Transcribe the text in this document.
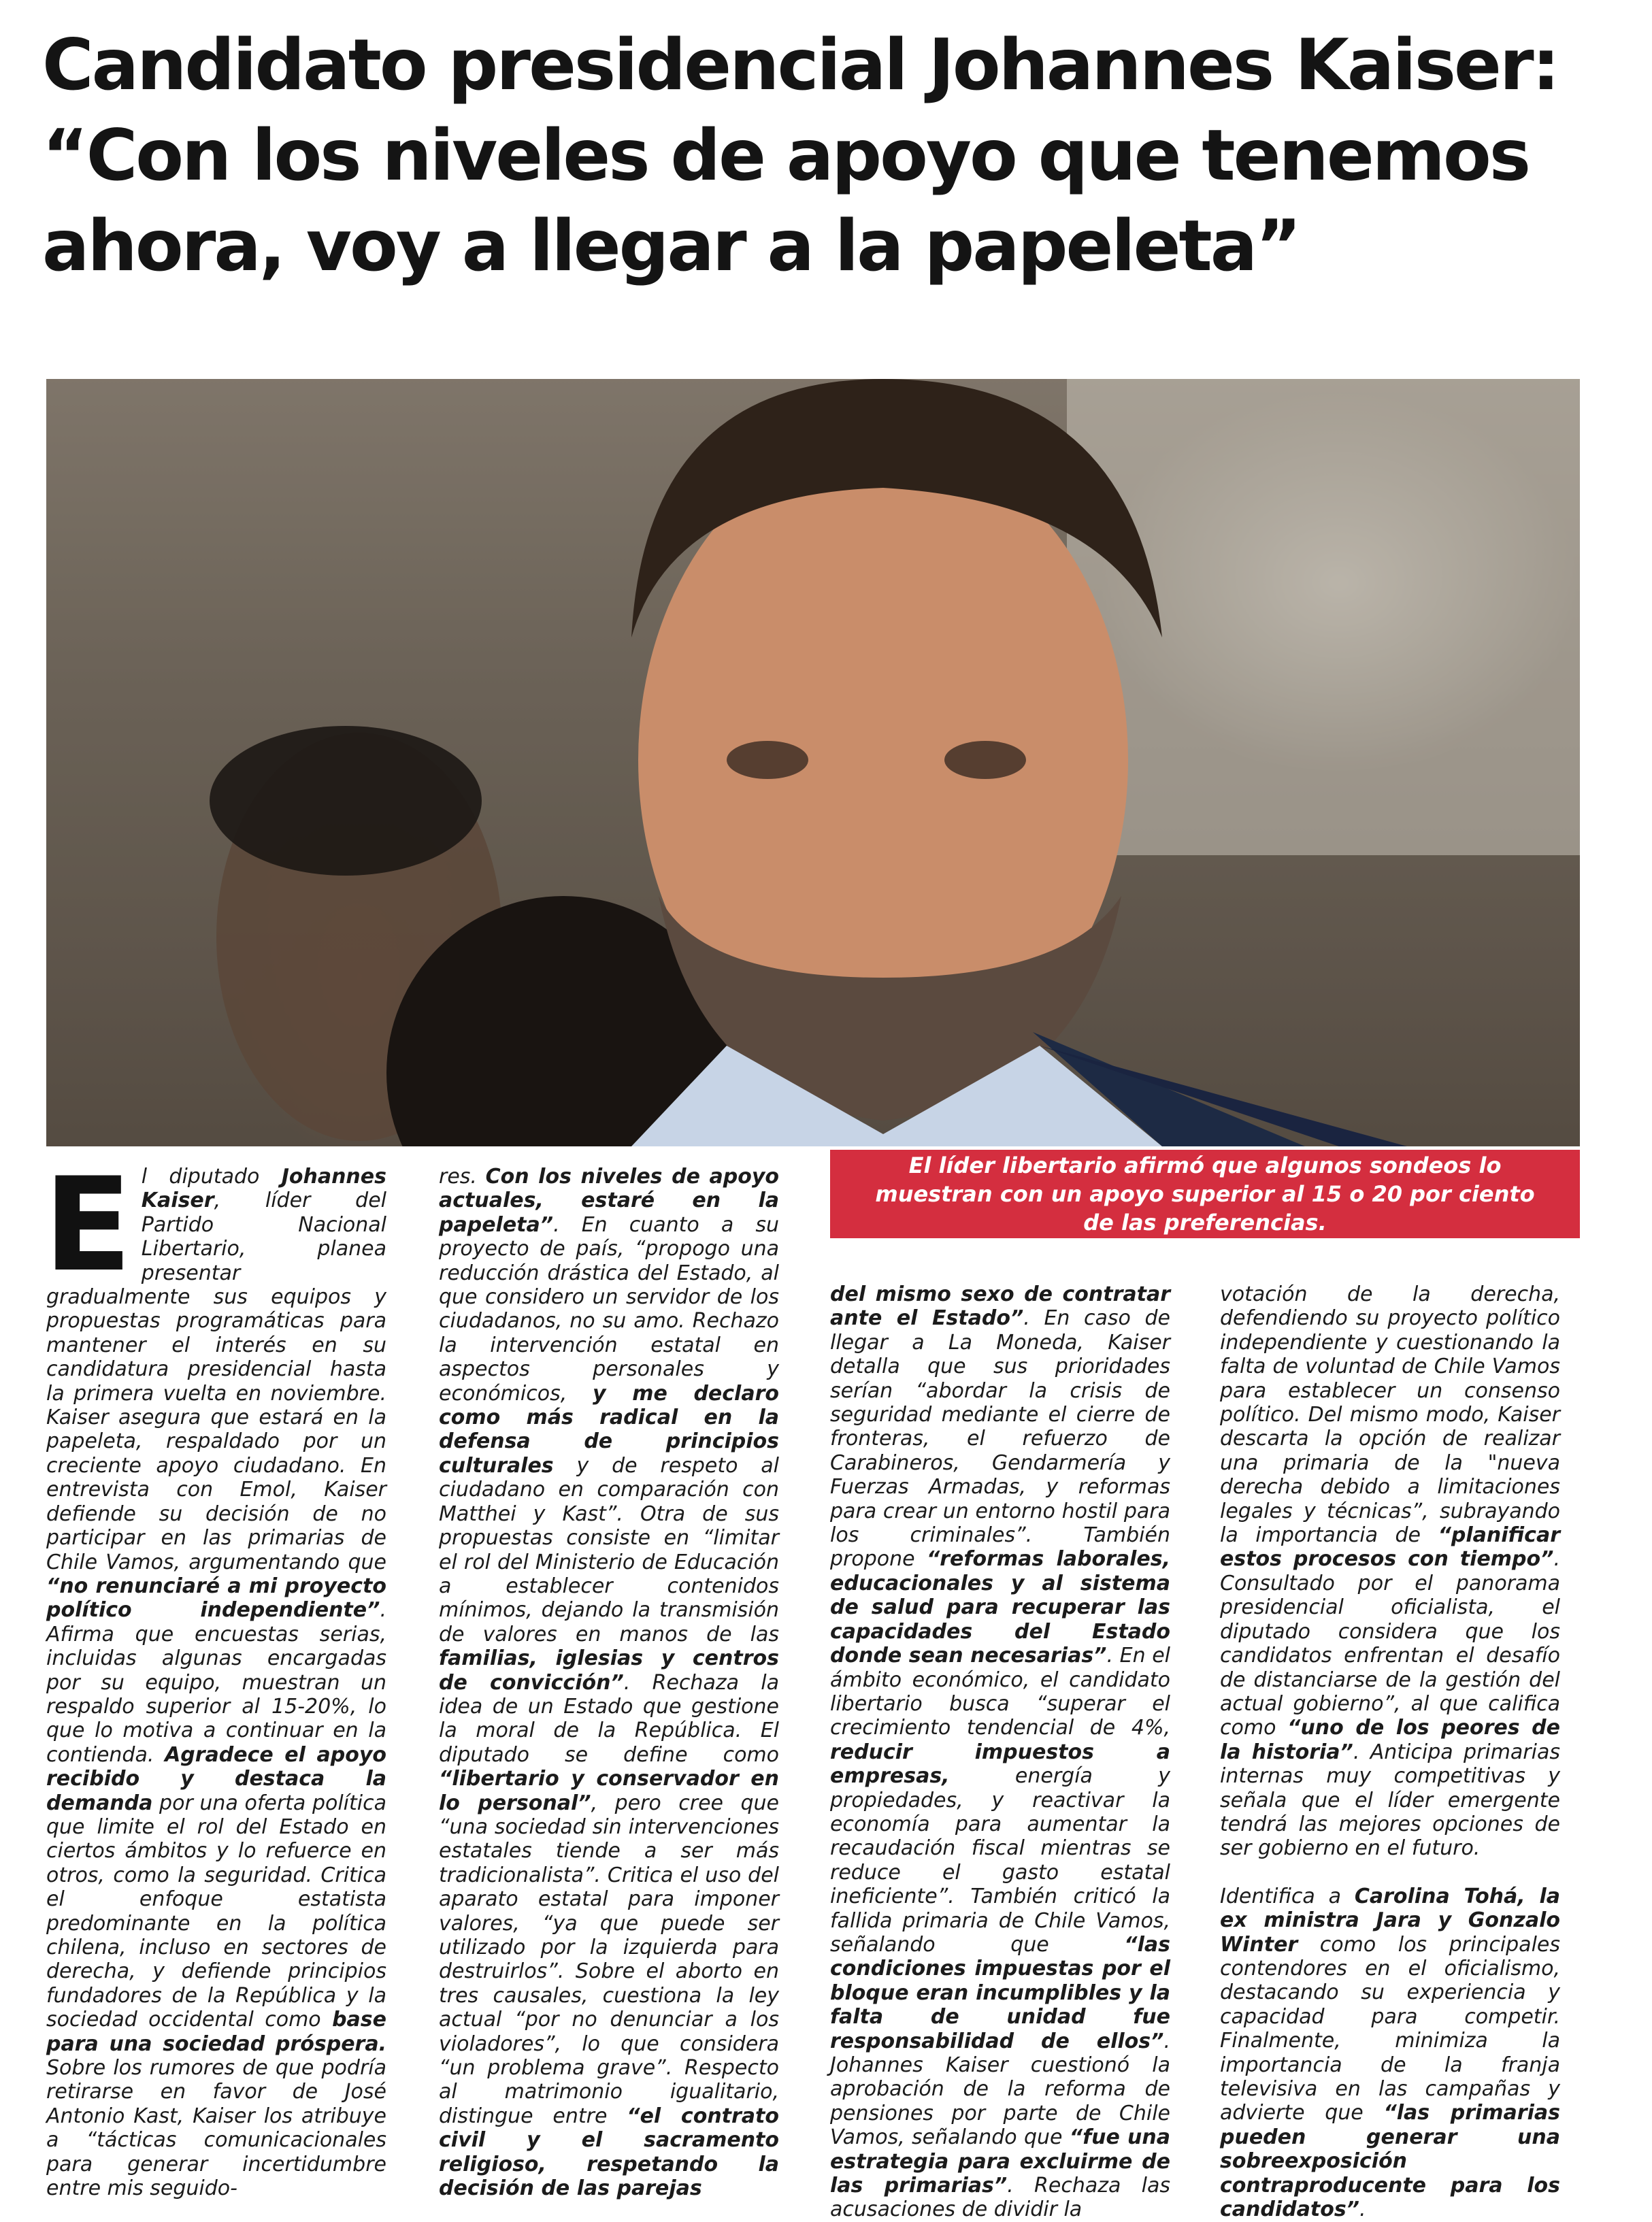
Candidato presidencial Johannes Kaiser: “Con los niveles de apoyo que tenemos ahora, voy a llegar a la papeleta”
El líder libertario afirmó que algunos sondeos lo muestran con un apoyo superior al 15 o 20 por ciento de las preferencias.
E l diputado Johannes Kaiser, líder del Partido Nacional Libertario, planea presentar gradualmente sus equipos y propuestas programáticas para mantener el interés en su candidatura presidencial hasta la primera vuelta en noviembre. Kaiser asegura que estará en la papeleta, respaldado por un creciente apoyo ciudadano. En entrevista con Emol, Kaiser defiende su decisión de no participar en las primarias de Chile Vamos, argumentando que “no renunciaré a mi proyecto político independiente”. Afirma que encuestas serias, incluidas algunas encargadas por su equipo, muestran un respaldo superior al 15-20%, lo que lo motiva a continuar en la contienda. Agradece el apoyo recibido y destaca la demanda por una oferta política que limite el rol del Estado en ciertos ámbitos y lo refuerce en otros, como la seguridad. Critica el enfoque estatista predominante en la política chilena, incluso en sectores de derecha, y defiende principios fundadores de la República y la sociedad occidental como base para una sociedad próspera. Sobre los rumores de que podría retirarse en favor de José Antonio Kast, Kaiser los atribuye a “tácticas comunicacionales para generar incertidumbre entre mis seguido-

res. Con los niveles de apoyo actuales, estaré en la papeleta”. En cuanto a su proyecto de país, “propogo una reducción drástica del Estado, al que considero un servidor de los ciudadanos, no su amo. Rechazo la intervención estatal en aspectos personales y económicos, y me declaro como más radical en la defensa de principios culturales y de respeto al ciudadano en comparación con Matthei y Kast”. Otra de sus propuestas consiste en “limitar el rol del Ministerio de Educación a establecer contenidos mínimos, dejando la transmisión de valores en manos de las familias, iglesias y centros de convicción”. Rechaza la idea de un Estado que gestione la moral de la República. El diputado se define como “libertario y conservador en lo personal”, pero cree que “una sociedad sin intervenciones estatales tiende a ser más tradicionalista”. Critica el uso del aparato estatal para imponer valores, “ya que puede ser utilizado por la izquierda para destruirlos”. Sobre el aborto en tres causales, cuestiona la ley actual “por no denunciar a los violadores”, lo que considera “un problema grave”. Respecto al matrimonio igualitario, distingue entre “el contrato civil y el sacramento religioso, respetando la decisión de las parejas

del mismo sexo de contratar ante el Estado”. En caso de llegar a La Moneda, Kaiser detalla que sus prioridades serían “abordar la crisis de seguridad mediante el cierre de fronteras, el refuerzo de Carabineros, Gendarmería y Fuerzas Armadas, y reformas para crear un entorno hostil para los criminales”. También propone “reformas laborales, educacionales y al sistema de salud para recuperar las capacidades del Estado donde sean necesarias”. En el ámbito económico, el candidato libertario busca “superar el crecimiento tendencial de 4%, reducir impuestos a empresas, energía y propiedades, y reactivar la economía para aumentar la recaudación fiscal mientras se reduce el gasto estatal ineficiente”. También criticó la fallida primaria de Chile Vamos, señalando que “las condiciones impuestas por el bloque eran incumplibles y la falta de unidad fue responsabilidad de ellos”. Johannes Kaiser cuestionó la aprobación de la reforma de pensiones por parte de Chile Vamos, señalando que “fue una estrategia para excluirme de las primarias”. Rechaza las acusaciones de dividir la

votación de la derecha, defendiendo su proyecto político independiente y cuestionando la falta de voluntad de Chile Vamos para establecer un consenso político. Del mismo modo, Kaiser descarta la opción de realizar una primaria de la "nueva derecha debido a limitaciones legales y técnicas”, subrayando la importancia de “planificar estos procesos con tiempo”. Consultado por el panorama presidencial oficialista, el diputado considera que los candidatos enfrentan el desafío de distanciarse de la gestión del actual gobierno”, al que califica como “uno de los peores de la historia”. Anticipa primarias internas muy competitivas y señala que el líder emergente tendrá las mejores opciones de ser gobierno en el futuro.

Identifica a Carolina Tohá, la ex ministra Jara y Gonzalo Winter como los principales contendores en el oficialismo, destacando su experiencia y capacidad para competir. Finalmente, minimiza la importancia de la franja televisiva en las campañas y advierte que “las primarias pueden generar una sobreexposición contraproducente para los candidatos”.
